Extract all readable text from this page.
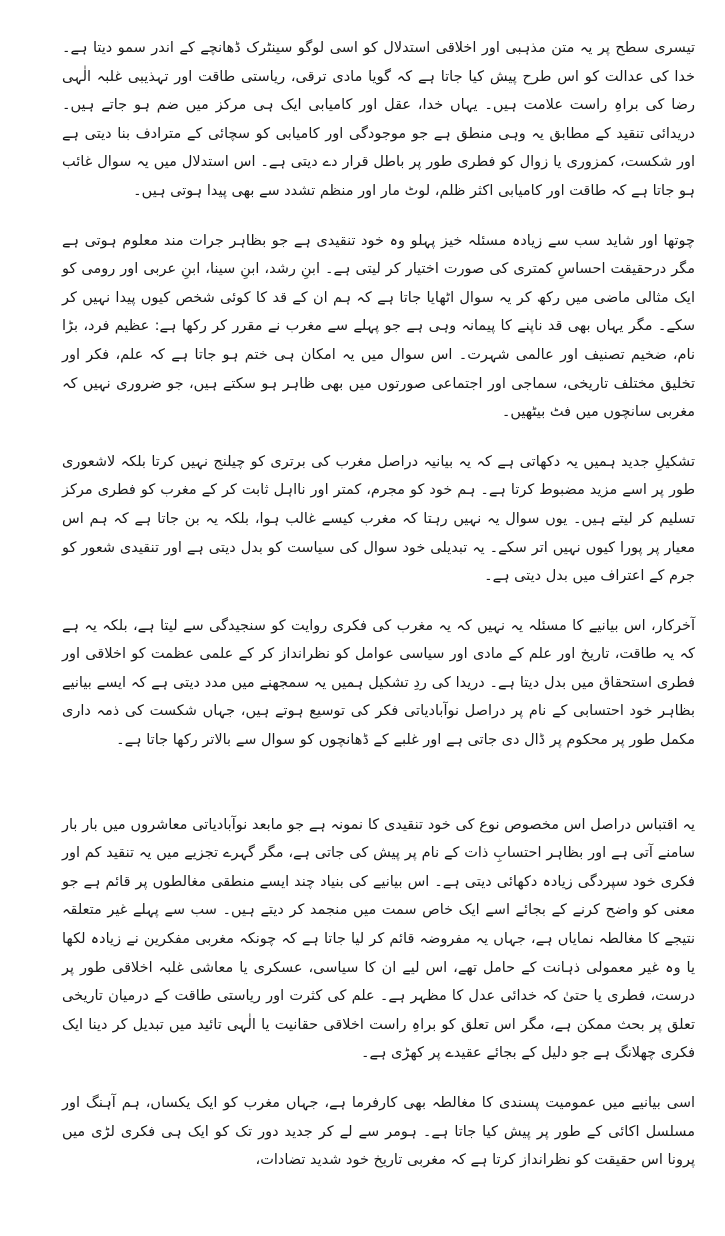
تیسری سطح پر یہ متن مذہبی اور اخلاقی استدلال کو اسی لوگو سینٹرک ڈھانچے کے اندر سمو دیتا ہے۔ خدا کی عدالت کو اس طرح پیش کیا جاتا ہے کہ گویا مادی ترقی، ریاستی طاقت اور تہذیبی غلبہ الٰہی رضا کی براہِ راست علامت ہیں۔ یہاں خدا، عقل اور کامیابی ایک ہی مرکز میں ضم ہو جاتے ہیں۔ دریدائی تنقید کے مطابق یہ وہی منطق ہے جو موجودگی اور کامیابی کو سچائی کے مترادف بنا دیتی ہے اور شکست، کمزوری یا زوال کو فطری طور پر باطل قرار دے دیتی ہے۔ اس استدلال میں یہ سوال غائب ہو جاتا ہے کہ طاقت اور کامیابی اکثر ظلم، لوٹ مار اور منظم تشدد سے بھی پیدا ہوتی ہیں۔

چوتھا اور شاید سب سے زیادہ مسئلہ خیز پہلو وہ خود تنقیدی ہے جو بظاہر جرات مند معلوم ہوتی ہے مگر درحقیقت احساسِ کمتری کی صورت اختیار کر لیتی ہے۔ ابنِ رشد، ابنِ سینا، ابنِ عربی اور رومی کو ایک مثالی ماضی میں رکھ کر یہ سوال اٹھایا جاتا ہے کہ ہم ان کے قد کا کوئی شخص کیوں پیدا نہیں کر سکے۔ مگر یہاں بھی قد ناپنے کا پیمانہ وہی ہے جو پہلے سے مغرب نے مقرر کر رکھا ہے: عظیم فرد، بڑا نام، ضخیم تصنیف اور عالمی شہرت۔ اس سوال میں یہ امکان ہی ختم ہو جاتا ہے کہ علم، فکر اور تخلیق مختلف تاریخی، سماجی اور اجتماعی صورتوں میں بھی ظاہر ہو سکتے ہیں، جو ضروری نہیں کہ مغربی سانچوں میں فٹ بیٹھیں۔

تشکیلِ جدید ہمیں یہ دکھاتی ہے کہ یہ بیانیہ دراصل مغرب کی برتری کو چیلنج نہیں کرتا بلکہ لاشعوری طور پر اسے مزید مضبوط کرتا ہے۔ ہم خود کو مجرم، کمتر اور نااہل ثابت کر کے مغرب کو فطری مرکز تسلیم کر لیتے ہیں۔ یوں سوال یہ نہیں رہتا کہ مغرب کیسے غالب ہوا، بلکہ یہ بن جاتا ہے کہ ہم اس معیار پر پورا کیوں نہیں اتر سکے۔ یہ تبدیلی خود سوال کی سیاست کو بدل دیتی ہے اور تنقیدی شعور کو جرم کے اعتراف میں بدل دیتی ہے۔

آخرکار، اس بیانیے کا مسئلہ یہ نہیں کہ یہ مغرب کی فکری روایت کو سنجیدگی سے لیتا ہے، بلکہ یہ ہے کہ یہ طاقت، تاریخ اور علم کے مادی اور سیاسی عوامل کو نظرانداز کر کے علمی عظمت کو اخلاقی اور فطری استحقاق میں بدل دیتا ہے۔ دریدا کی ردِ تشکیل ہمیں یہ سمجھنے میں مدد دیتی ہے کہ ایسے بیانیے بظاہر خود احتسابی کے نام پر دراصل نوآبادیاتی فکر کی توسیع ہوتے ہیں، جہاں شکست کی ذمہ داری مکمل طور پر محکوم پر ڈال دی جاتی ہے اور غلبے کے ڈھانچوں کو سوال سے بالاتر رکھا جاتا ہے۔

یہ اقتباس دراصل اس مخصوص نوع کی خود تنقیدی کا نمونہ ہے جو مابعد نوآبادیاتی معاشروں میں بار بار سامنے آتی ہے اور بظاہر احتسابِ ذات کے نام پر پیش کی جاتی ہے، مگر گہرے تجزیے میں یہ تنقید کم اور فکری خود سپردگی زیادہ دکھائی دیتی ہے۔ اس بیانیے کی بنیاد چند ایسے منطقی مغالطوں پر قائم ہے جو معنی کو واضح کرنے کے بجائے اسے ایک خاص سمت میں منجمد کر دیتے ہیں۔ سب سے پہلے غیر متعلقہ نتیجے کا مغالطہ نمایاں ہے، جہاں یہ مفروضہ قائم کر لیا جاتا ہے کہ چونکہ مغربی مفکرین نے زیادہ لکھا یا وہ غیر معمولی ذہانت کے حامل تھے، اس لیے ان کا سیاسی، عسکری یا معاشی غلبہ اخلاقی طور پر درست، فطری یا حتیٰ کہ خدائی عدل کا مظہر ہے۔ علم کی کثرت اور ریاستی طاقت کے درمیان تاریخی تعلق پر بحث ممکن ہے، مگر اس تعلق کو براہِ راست اخلاقی حقانیت یا الٰہی تائید میں تبدیل کر دینا ایک فکری چھلانگ ہے جو دلیل کے بجائے عقیدے پر کھڑی ہے۔

اسی بیانیے میں عمومیت پسندی کا مغالطہ بھی کارفرما ہے، جہاں مغرب کو ایک یکساں، ہم آہنگ اور مسلسل اکائی کے طور پر پیش کیا جاتا ہے۔ ہومر سے لے کر جدید دور تک کو ایک ہی فکری لڑی میں پرونا اس حقیقت کو نظرانداز کرتا ہے کہ مغربی تاریخ خود شدید تضادات،
